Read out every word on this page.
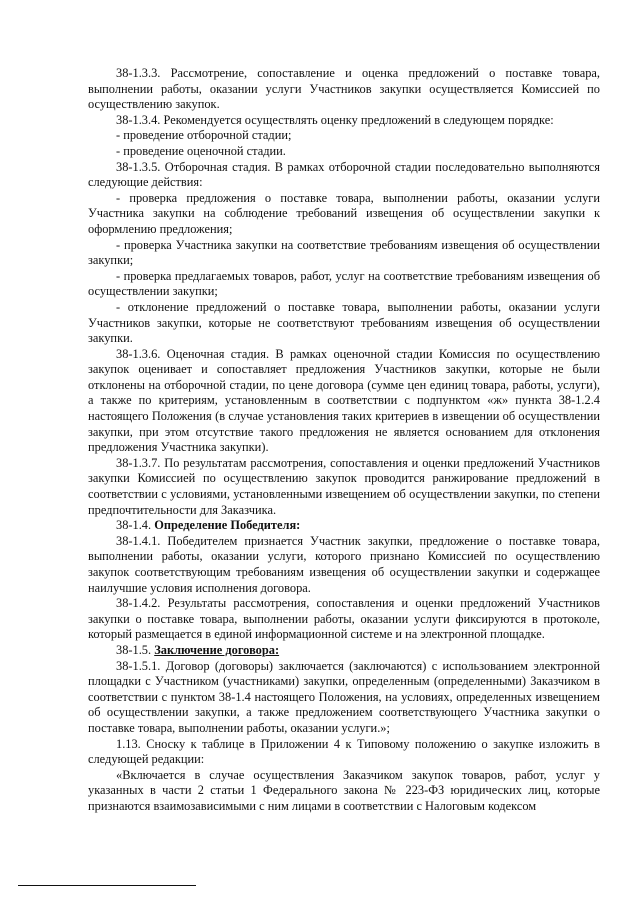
38-1.3.3. Рассмотрение, сопоставление и оценка предложений о поставке товара, выполнении работы, оказании услуги Участников закупки осуществляется Комиссией по осуществлению закупок.

38-1.3.4. Рекомендуется осуществлять оценку предложений в следующем порядке:

- проведение отборочной стадии;

- проведение оценочной стадии.

38-1.3.5. Отборочная стадия. В рамках отборочной стадии последовательно выполняются следующие действия:

- проверка предложения о поставке товара, выполнении работы, оказании услуги Участника закупки на соблюдение требований извещения об осуществлении закупки к оформлению предложения;

- проверка Участника закупки на соответствие требованиям извещения об осуществлении закупки;

- проверка предлагаемых товаров, работ, услуг на соответствие требованиям извещения об осуществлении закупки;

- отклонение предложений о поставке товара, выполнении работы, оказании услуги Участников закупки, которые не соответствуют требованиям извещения об осуществлении закупки.

38-1.3.6. Оценочная стадия. В рамках оценочной стадии Комиссия по осуществлению закупок оценивает и сопоставляет предложения Участников закупки, которые не были отклонены на отборочной стадии, по цене договора (сумме цен единиц товара, работы, услуги), а также по критериям, установленным в соответствии с подпунктом «ж» пункта 38-1.2.4 настоящего Положения (в случае установления таких критериев в извещении об осуществлении закупки, при этом отсутствие такого предложения не является основанием для отклонения предложения Участника закупки).

38-1.3.7. По результатам рассмотрения, сопоставления и оценки предложений Участников закупки Комиссией по осуществлению закупок проводится ранжирование предложений в соответствии с условиями, установленными извещением об осуществлении закупки, по степени предпочтительности для Заказчика.

38-1.4. Определение Победителя:

38-1.4.1. Победителем признается Участник закупки, предложение о поставке товара, выполнении работы, оказании услуги, которого признано Комиссией по осуществлению закупок соответствующим требованиям извещения об осуществлении закупки и содержащее наилучшие условия исполнения договора.

38-1.4.2. Результаты рассмотрения, сопоставления и оценки предложений Участников закупки о поставке товара, выполнении работы, оказании услуги фиксируются в протоколе, который размещается в единой информационной системе и на электронной площадке.

38-1.5. Заключение договора:

38-1.5.1. Договор (договоры) заключается (заключаются) с использованием электронной площадки с Участником (участниками) закупки, определенным (определенными) Заказчиком в соответствии с пунктом 38-1.4 настоящего Положения, на условиях, определенных извещением об осуществлении закупки, а также предложением соответствующего Участника закупки о поставке товара, выполнении работы, оказании услуги.»;

1.13. Сноску к таблице в Приложении 4 к Типовому положению о закупке изложить в следующей редакции:

«Включается в случае осуществления Заказчиком закупок товаров, работ, услуг у указанных в части 2 статьи 1 Федерального закона № 223-ФЗ юридических лиц, которые признаются взаимозависимыми с ним лицами в соответствии с Налоговым кодексом
